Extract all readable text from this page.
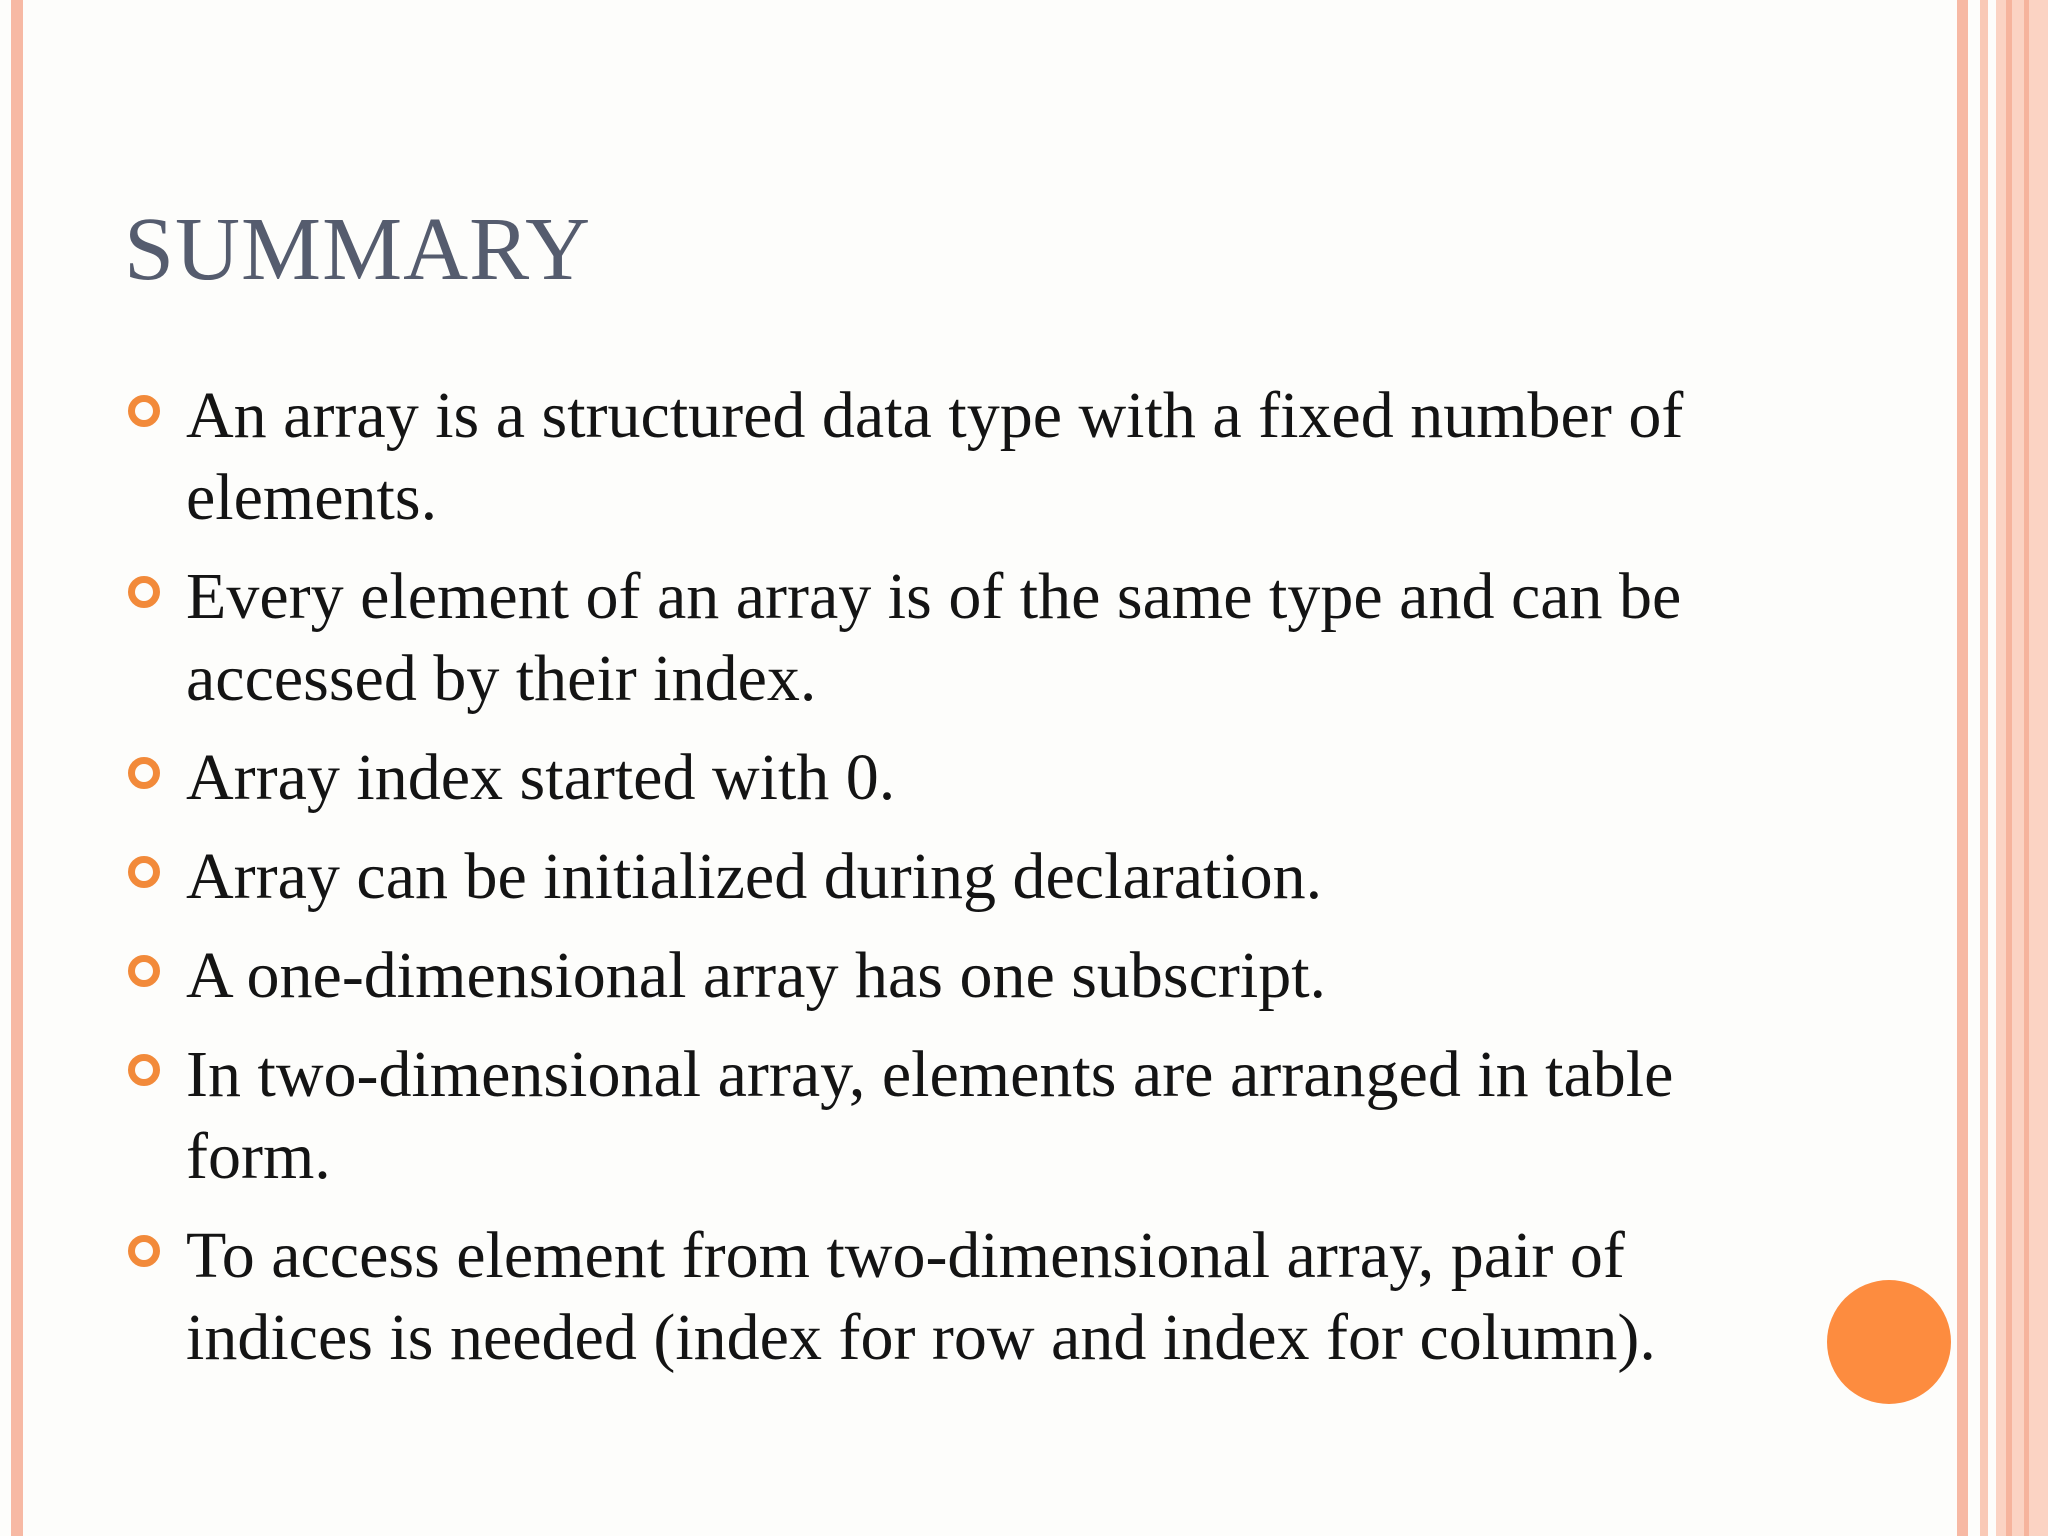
SUMMARY
An array is a structured data type with a fixed number of elements.
Every element of an array is of the same type and can be accessed by their index.
Array index started with 0.
Array can be initialized during declaration.
A one-dimensional array has one subscript.
In two-dimensional array, elements are arranged in table form.
To access element from two-dimensional array, pair of indices is needed (index for row and index for column).
